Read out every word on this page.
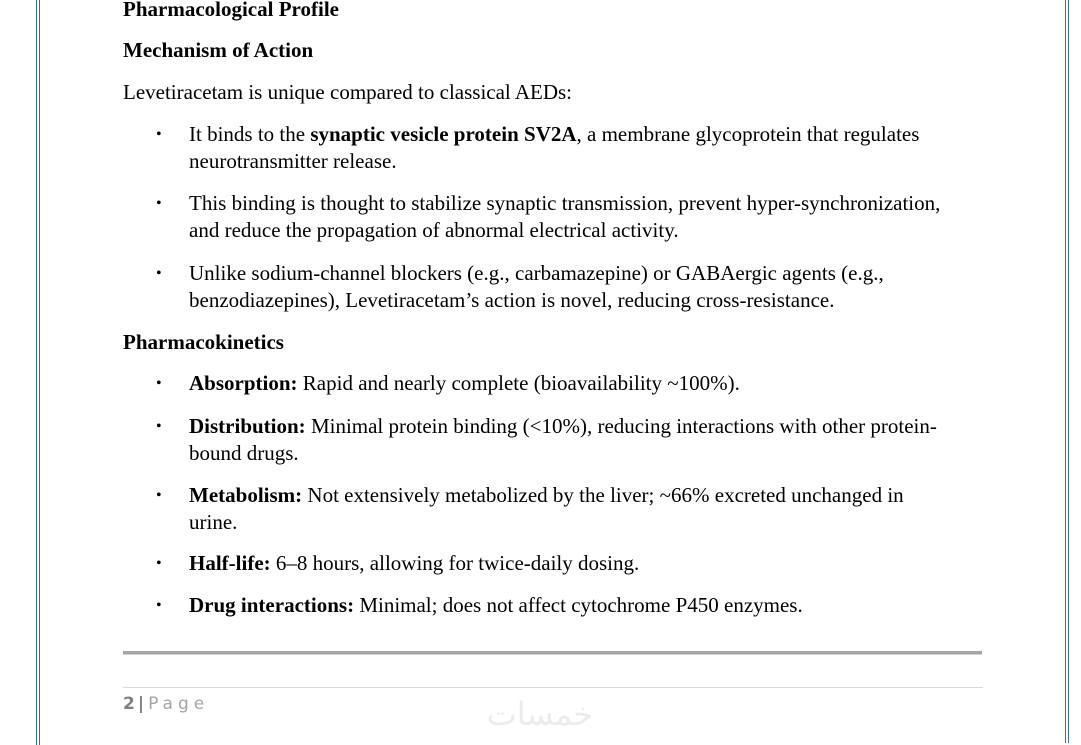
Pharmacological Profile
Mechanism of Action
Levetiracetam is unique compared to classical AEDs:
• It binds to the synaptic vesicle protein SV2A, a membrane glycoprotein that regulates
neurotransmitter release.
• This binding is thought to stabilize synaptic transmission, prevent hyper-synchronization,
and reduce the propagation of abnormal electrical activity.
• Unlike sodium-channel blockers (e.g., carbamazepine) or GABAergic agents (e.g.,
benzodiazepines), Levetiracetam’s action is novel, reducing cross-resistance.
Pharmacokinetics
• Absorption: Rapid and nearly complete (bioavailability ~100%).
• Distribution: Minimal protein binding (<10%), reducing interactions with other protein-
bound drugs.
• Metabolism: Not extensively metabolized by the liver; ~66% excreted unchanged in
urine.
• Half-life: 6–8 hours, allowing for twice-daily dosing.
• Drug interactions: Minimal; does not affect cytochrome P450 enzymes.
2 | Page	خمسات
